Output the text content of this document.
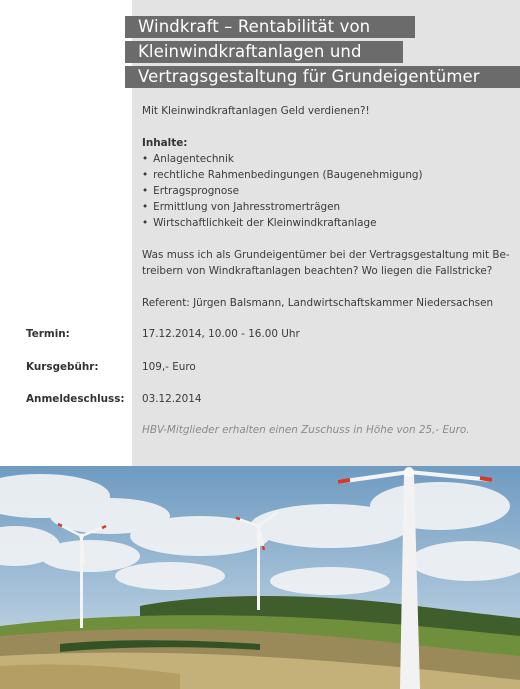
Windkraft – Rentabilität von
Kleinwindkraftanlagen und
Vertragsgestaltung für Grundeigentümer

Mit Kleinwindkraftanlagen Geld verdienen?!

Inhalte:

• Anlagentechnik
• rechtliche Rahmenbedingungen (Baugenehmigung)
• Ertragsprognose
• Ermittlung von Jahresstromerträgen
• Wirtschaftlichkeit der Kleinwindkraftanlage

Was muss ich als Grundeigentümer bei der Vertragsgestaltung mit Be-

treibern von Windkraftanlagen beachten? Wo liegen die Fallstricke?

Referent: Jürgen Balsmann, Landwirtschaftskammer Niedersachsen

Termin:	17.12.2014, 10.00 - 16.00 Uhr
Kursgebühr:	109,- Euro
Anmeldeschluss: 03.12.2014
HBV-Mitglieder erhalten einen Zuschuss in Höhe von 25,- Euro.
